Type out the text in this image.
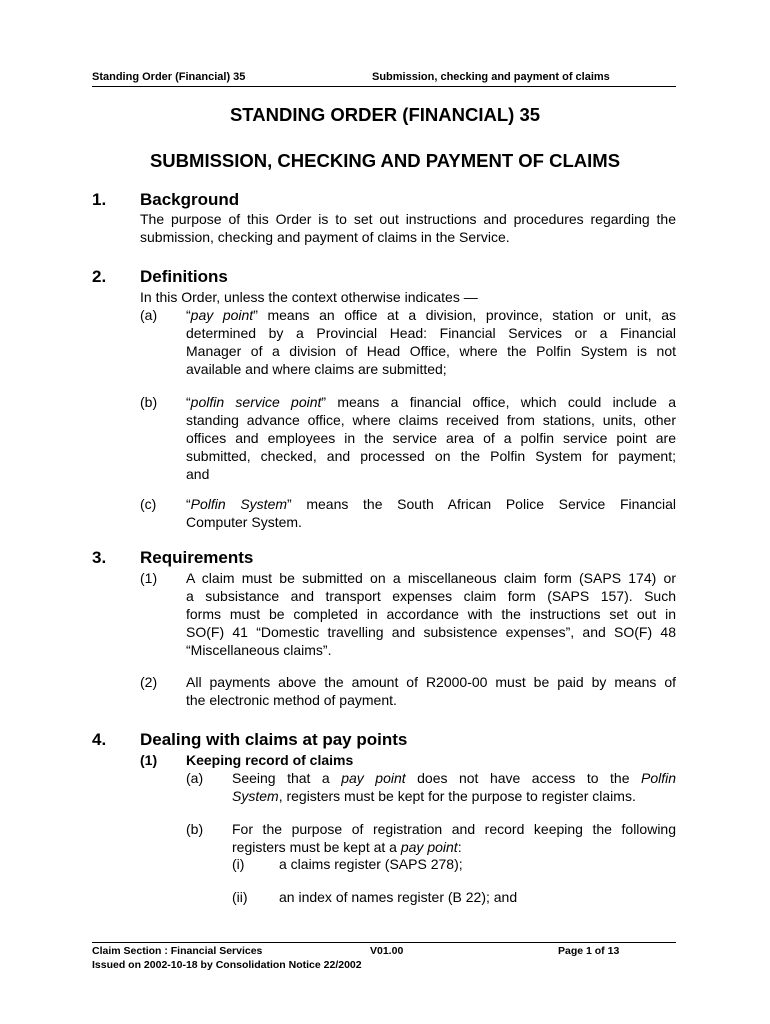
Standing Order (Financial) 35	Submission, checking and payment of claims
STANDING ORDER (FINANCIAL) 35
SUBMISSION, CHECKING AND PAYMENT OF CLAIMS
1. Background
The purpose of this Order is to set out instructions and procedures regarding the
submission, checking and payment of claims in the Service.
2. Definitions
In this Order, unless the context otherwise indicates —
(a) “pay point” means an office at a division, province, station or unit, as
determined by a Provincial Head: Financial Services or a Financial
Manager of a division of Head Office, where the Polfin System is not
available and where claims are submitted;
(b) “polfin service point” means a financial office, which could include a
standing advance office, where claims received from stations, units, other
offices and employees in the service area of a polfin service point are
submitted, checked, and processed on the Polfin System for payment;
and
(c) “Polfin System” means the South African Police Service Financial
Computer System.
3. Requirements
(1) A claim must be submitted on a miscellaneous claim form (SAPS 174) or
a subsistance and transport expenses claim form (SAPS 157). Such
forms must be completed in accordance with the instructions set out in
SO(F) 41 “Domestic travelling and subsistence expenses”, and SO(F) 48
“Miscellaneous claims”.
(2) All payments above the amount of R2000-00 must be paid by means of
the electronic method of payment.
4. Dealing with claims at pay points
(1) Keeping record of claims
(a) Seeing that a pay point does not have access to the Polfin
System, registers must be kept for the purpose to register claims.
(b) For the purpose of registration and record keeping the following
registers must be kept at a pay point:
(i) a claims register (SAPS 278);
(ii) an index of names register (B 22); and
Claim Section : Financial Services	V01.00	Page 1 of 13
Issued on 2002-10-18 by Consolidation Notice 22/2002
